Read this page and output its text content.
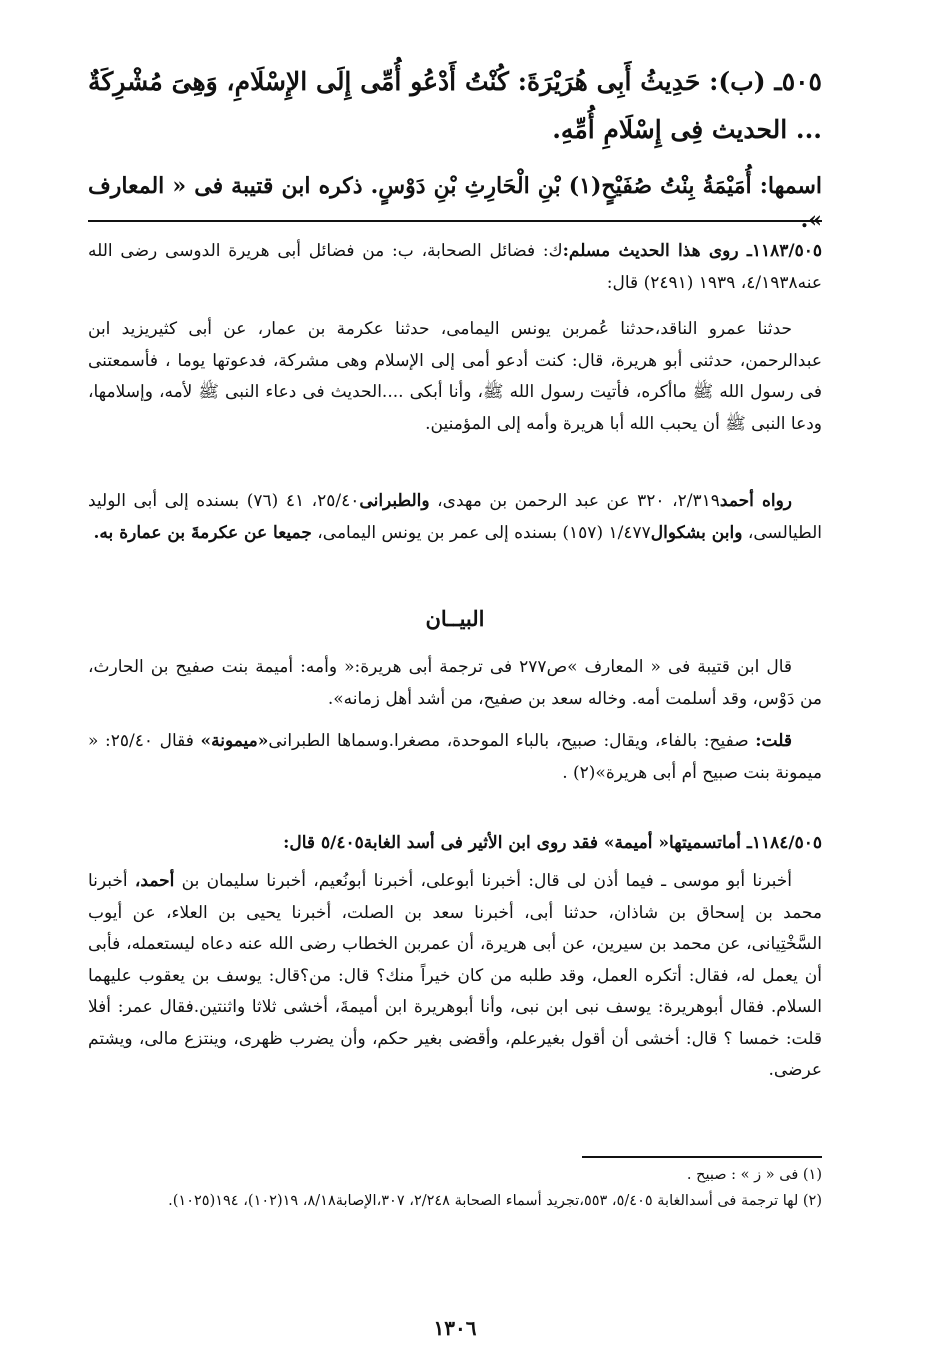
٥٠٥ـ (ب): حَدِيثُ أَبِى هُرَيْرَةَ: كُنْتُ أَدْعُو أُمِّى إِلَى الإِسْلَامِ، وَهِىَ مُشْرِكَةٌ ... الحديث فِى إِسْلَامِ أُمِّهِ.
اسمها: أُمَيْمَةُ بِنْتُ صُفَيْحٍ(١) بْنِ الْحَارِثِ بْنِ دَوْسٍ. ذكره ابن قتيبة فى « المعارف ».
١١٨٣/٥٠٥ـ روى هذا الحديث مسلم:ك: فضائل الصحابة، ب: من فضائل أبى هريرة الدوسى رضى الله عنه٤/١٩٣٨، ١٩٣٩ (٢٤٩١) قال:
حدثنا عمرو الناقد،حدثنا عُمربن يونس اليمامى، حدثنا عكرمة بن عمار، عن أبى كثيريزيد ابن عبدالرحمن، حدثنى أبو هريرة، قال: كنت أدعو أمى إلى الإسلام وهى مشركة، فدعوتها يوما ، فأسمعتنى فى رسول الله ﷺ ماأكره، فأتيت رسول الله ﷺ، وأنا أبكى ....الحديث فى دعاء النبى ﷺ لأمه، وإسلامها، ودعا النبى ﷺ أن يحبب الله أبا هريرة وأمه إلى المؤمنين.
رواه أحمد٢/٣١٩، ٣٢٠ عن عبد الرحمن بن مهدى، والطبرانى٢٥/٤٠، ٤١ (٧٦) بسنده إلى أبى الوليد الطيالسى، وابن بشكوال١/٤٧٧ (١٥٧) بسنده إلى عمر بن يونس اليمامى، جميعا عن عكرمةَ بن عمارة به.
البيــان
قال ابن قتيبة فى « المعارف »ص٢٧٧ فى ترجمة أبى هريرة:« وأمه: أميمة بنت صفيح بن الحارث، من دَوْس، وقد أسلمت أمه. وخاله سعد بن صفيح، من أشد أهل زمانه».
قلت: صفيح: بالفاء، ويقال: صبيح، بالباء الموحدة، مصغرا.وسماها الطبرانى«ميمونة» فقال ٢٥/٤٠: « ميمونة بنت صبيح أم أبى هريرة»(٢) .
١١٨٤/٥٠٥ـ أماتسميتها« أميمة» فقد روى ابن الأثير فى أسد الغابة٥/٤٠٥ قال:
أخبرنا أبو موسى ـ فيما أذن لى قال: أخبرنا أبوعلى، أخبرنا أبونُعيم، أخبرنا سليمان بن أحمد، أخبرنا محمد بن إسحاق بن شاذان، حدثنا أبى، أخبرنا سعد بن الصلت، أخبرنا يحيى بن العلاء، عن أيوب السَّخْتِيانى، عن محمد بن سيرين، عن أبى هريرة، أن عمربن الخطاب رضى الله عنه دعاه ليستعمله، فأبى أن يعمل له، فقال: أتكره العمل، وقد طلبه من كان خيراً منك؟ قال: من؟قال: يوسف بن يعقوب عليهما السلام. فقال أبوهريرة: يوسف نبى ابن نبى، وأنا أبوهريرة ابن أميمةَ، أخشى ثلاثا واثنتين.فقال عمر: أفلا قلت: خمسا ؟ قال: أخشى أن أقول بغيرعلم، وأقضى بغير حكم، وأن يضرب ظهرى، وينتزع مالى، ويشتم عرضى.
(١) فى « ز » : صبيح .
(٢) لها ترجمة فى أسدالغابة ٥/٤٠٥، ٥٥٣،تجريد أسماء الصحابة ٢/٢٤٨، ٣٠٧،الإصابة٨/١٨، ١٩(١٠٢)، ١٩٤(١٠٢٥).
١٣٠٦
